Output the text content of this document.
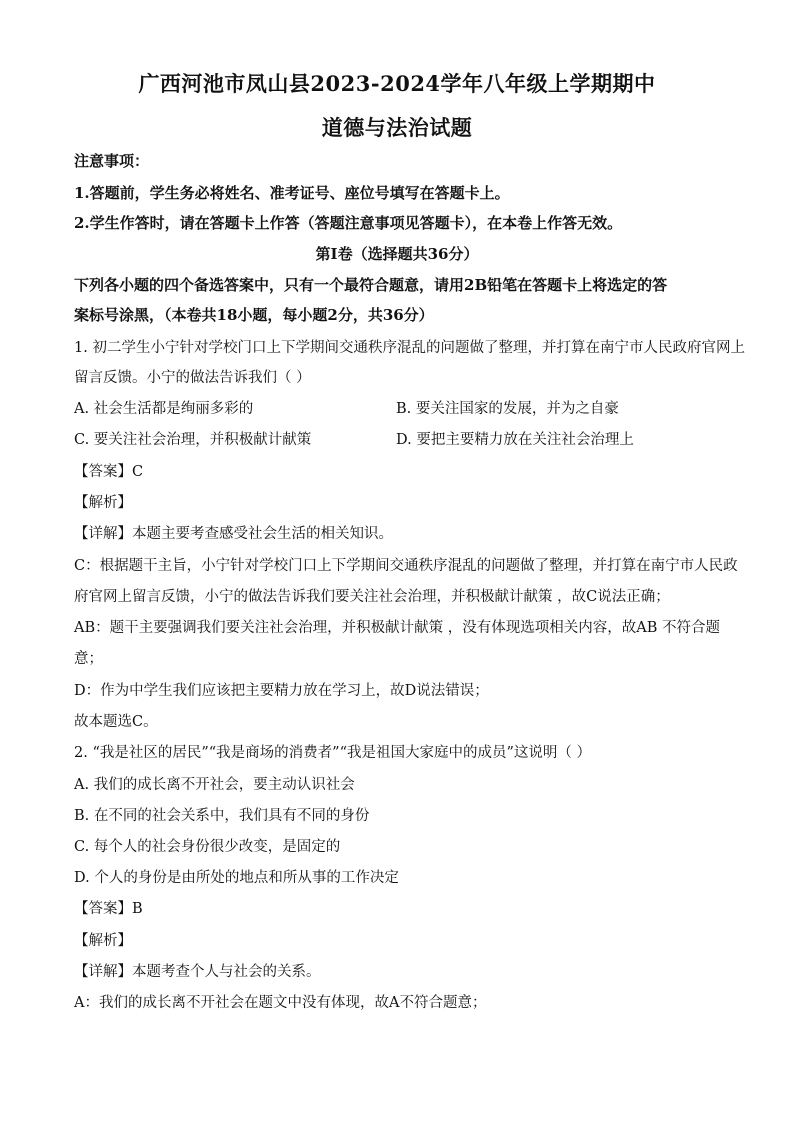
广西河池市凤山县2023-2024学年八年级上学期期中
道德与法治试题
注意事项：
1.答题前，学生务必将姓名、准考证号、座位号填写在答题卡上。
2.学生作答时，请在答题卡上作答（答题注意事项见答题卡），在本卷上作答无效。
第Ⅰ卷（选择题共36分）
下列各小题的四个备选答案中，只有一个最符合题意，请用2B铅笔在答题卡上将选定的答
案标号涂黑，（本卷共18小题，每小题2分，共36分）
1. 初二学生小宁针对学校门口上下学期间交通秩序混乱的问题做了整理，并打算在南宁市人民政府官网上
留言反馈。小宁的做法告诉我们（ ）
A. 社会生活都是绚丽多彩的	B. 要关注国家的发展，并为之自豪
C. 要关注社会治理，并积极献计献策	D. 要把主要精力放在关注社会治理上
【答案】C
【解析】
【详解】本题主要考查感受社会生活的相关知识。
C：根据题干主旨，小宁针对学校门口上下学期间交通秩序混乱的问题做了整理，并打算在南宁市人民政
府官网上留言反馈，小宁的做法告诉我们要关注社会治理，并积极献计献策 ，故C说法正确；
AB：题干主要强调我们要关注社会治理，并积极献计献策 ，没有体现选项相关内容，故AB 不符合题
意；
D：作为中学生我们应该把主要精力放在学习上，故D说法错误；
故本题选C。
2. “我是社区的居民”“我是商场的消费者”“我是祖国大家庭中的成员”这说明（ ）
A. 我们的成长离不开社会，要主动认识社会
B. 在不同的社会关系中，我们具有不同的身份
C. 每个人的社会身份很少改变，是固定的
D. 个人的身份是由所处的地点和所从事的工作决定
【答案】B
【解析】
【详解】本题考查个人与社会的关系。
A：我们的成长离不开社会在题文中没有体现，故A不符合题意；
